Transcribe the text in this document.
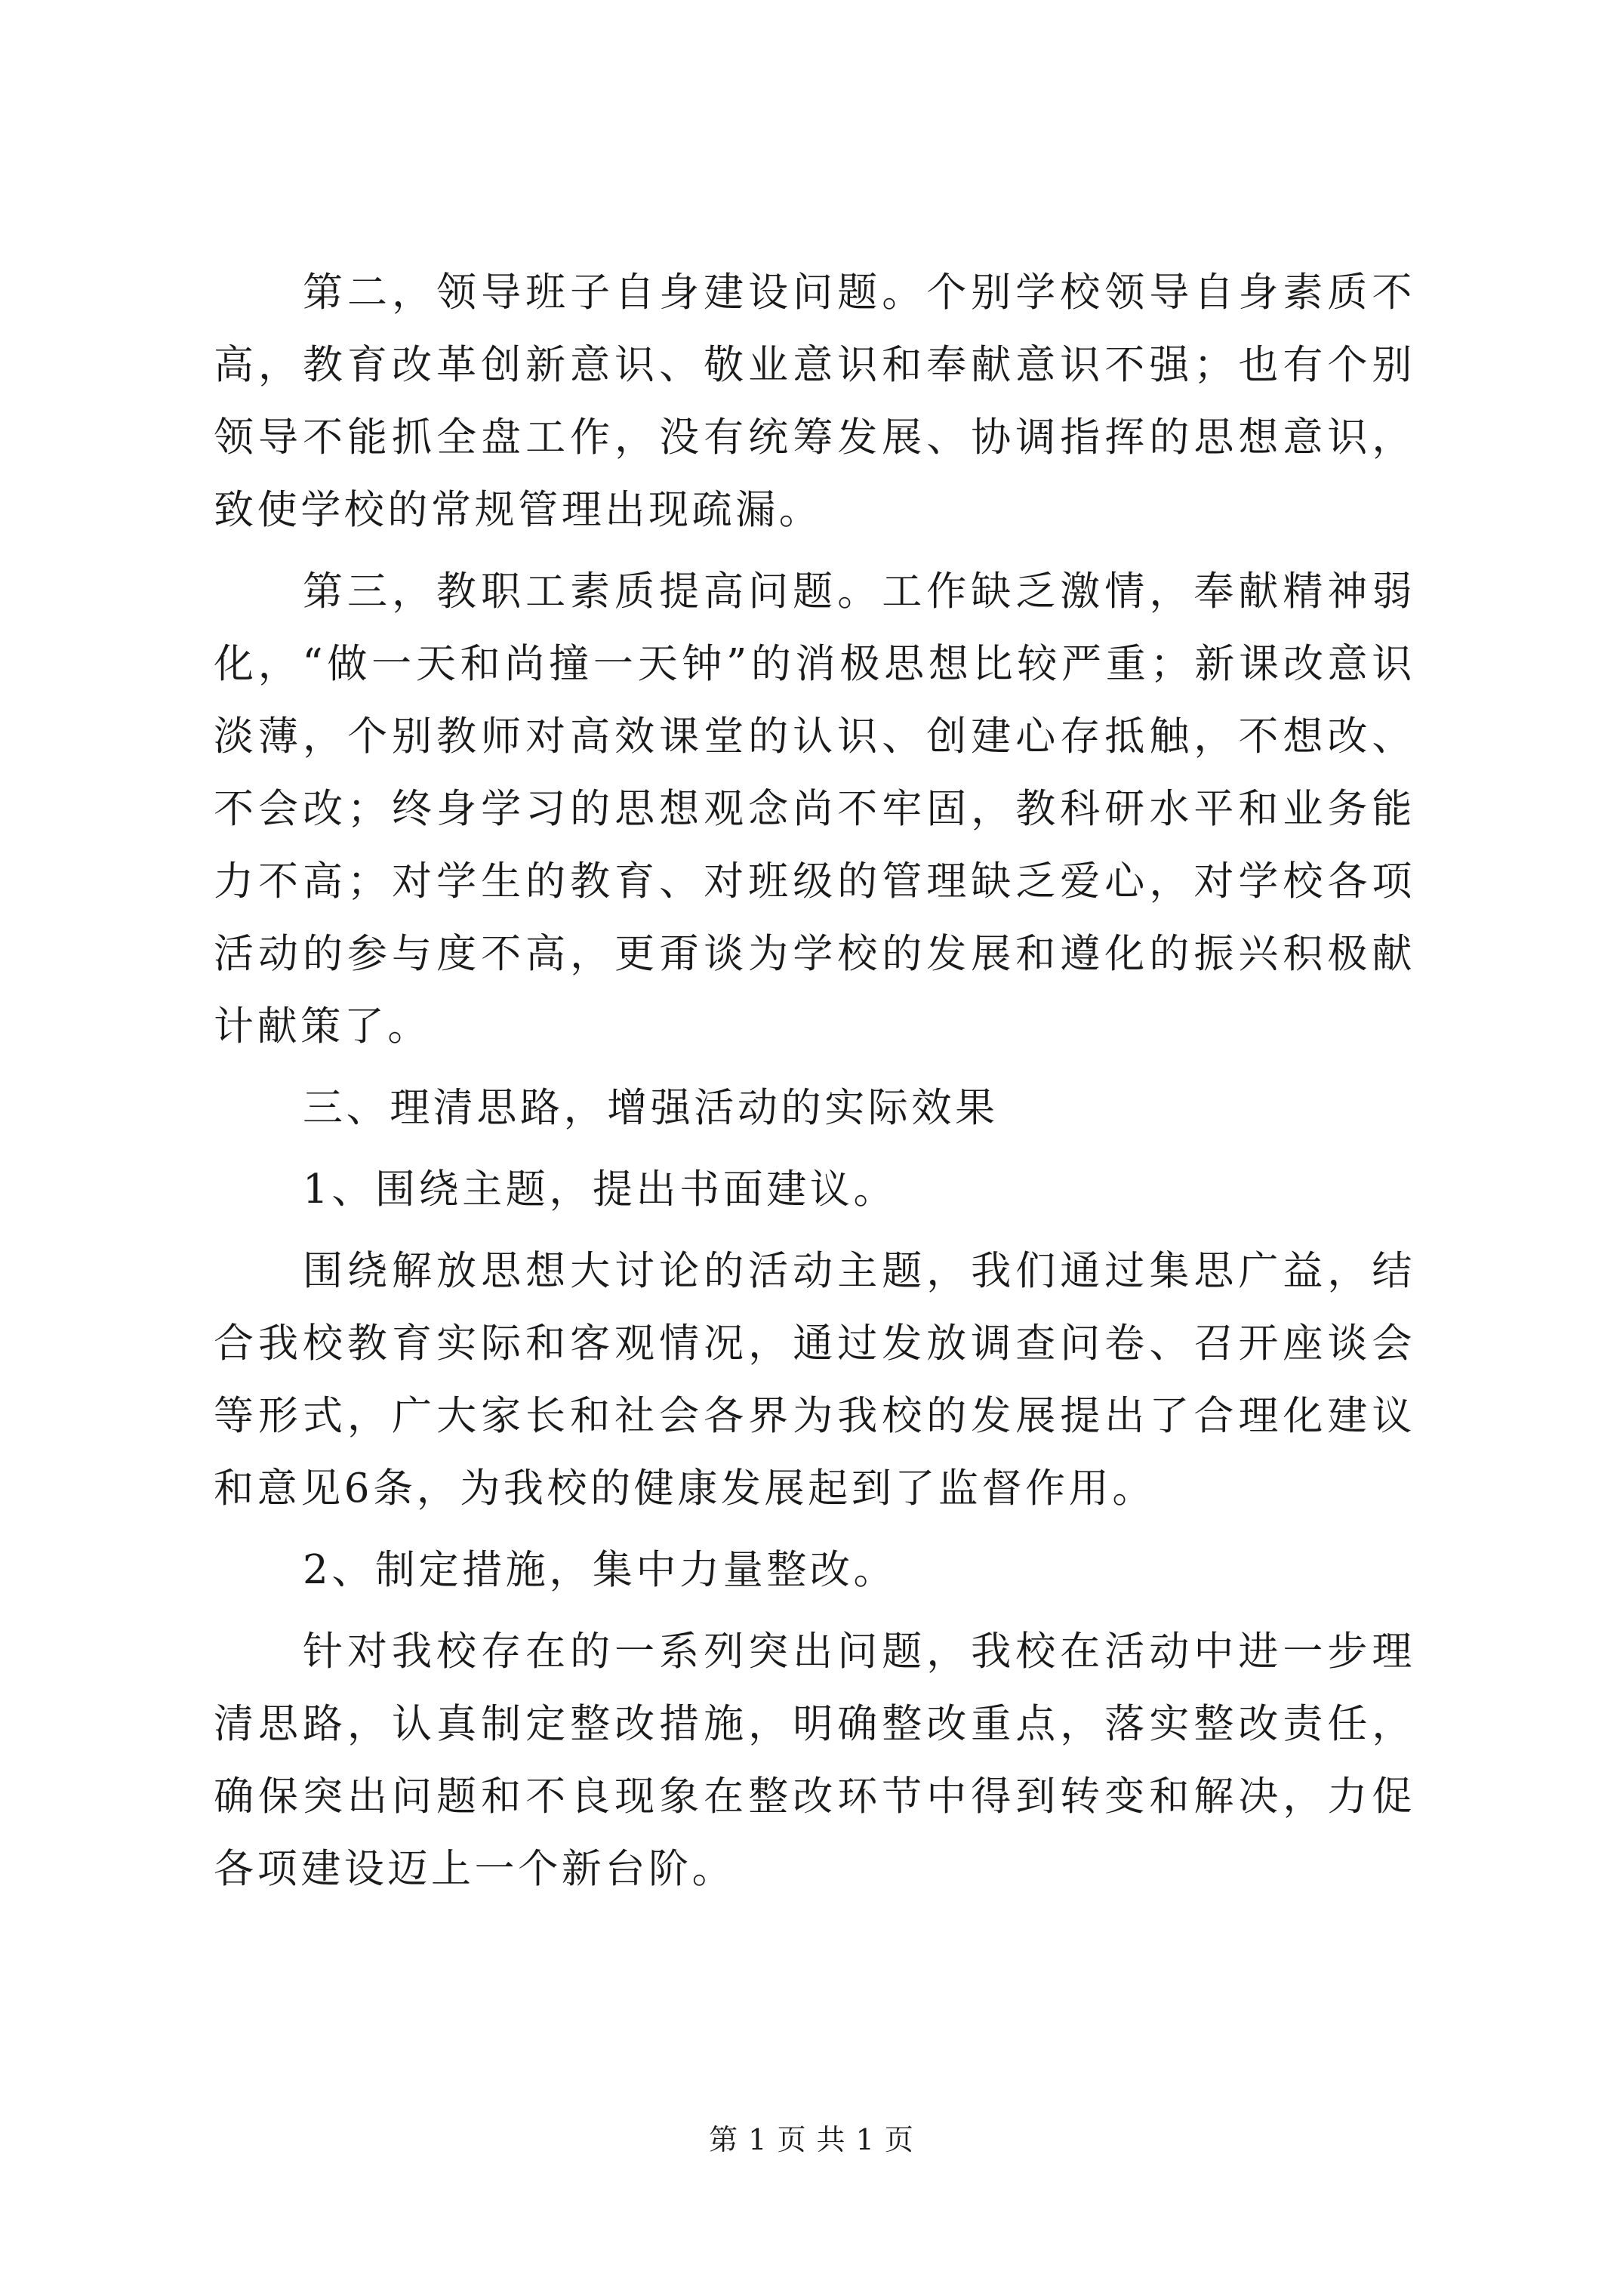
第二，领导班子自身建设问题。个别学校领导自身素质不高，教育改革创新意识、敬业意识和奉献意识不强；也有个别领导不能抓全盘工作，没有统筹发展、协调指挥的思想意识，致使学校的常规管理出现疏漏。

第三，教职工素质提高问题。工作缺乏激情，奉献精神弱化，“做一天和尚撞一天钟”的消极思想比较严重；新课改意识淡薄，个别教师对高效课堂的认识、创建心存抵触，不想改、不会改；终身学习的思想观念尚不牢固，教科研水平和业务能力不高；对学生的教育、对班级的管理缺乏爱心，对学校各项活动的参与度不高，更甭谈为学校的发展和遵化的振兴积极献计献策了。

三、理清思路，增强活动的实际效果

1、围绕主题，提出书面建议。

围绕解放思想大讨论的活动主题，我们通过集思广益，结合我校教育实际和客观情况，通过发放调查问卷、召开座谈会等形式，广大家长和社会各界为我校的发展提出了合理化建议和意见6条，为我校的健康发展起到了监督作用。

2、制定措施，集中力量整改。

针对我校存在的一系列突出问题，我校在活动中进一步理清思路，认真制定整改措施，明确整改重点，落实整改责任，确保突出问题和不良现象在整改环节中得到转变和解决，力促各项建设迈上一个新台阶。

第 1 页 共 1 页
